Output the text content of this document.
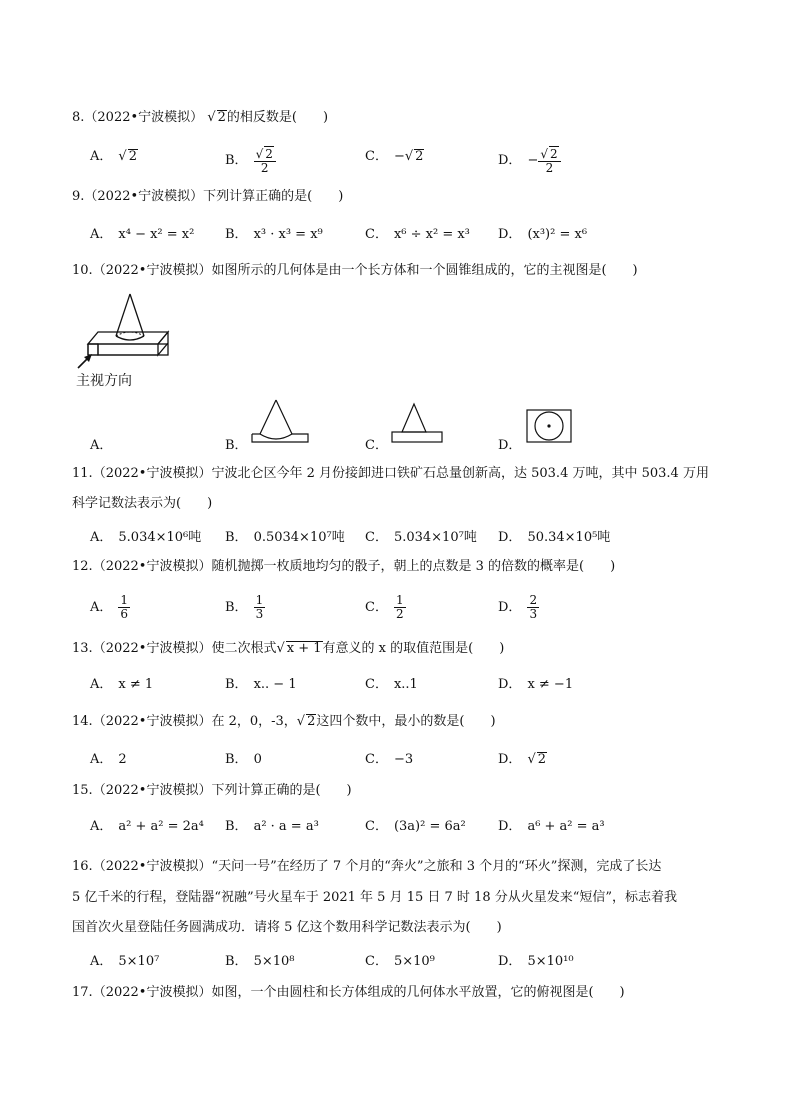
8.（2022•宁波模拟） √ 2的相反数是( )
A． √ 2	B． $\frac{√ 2}{2}$	C． −√ 2	D． − $\frac{√ 2}{2}$
9.（2022•宁波模拟）下列计算正确的是( )
A． x⁴ − x² = x² B． x³ · x³ = x⁹	C． x⁶ ÷ x² = x³ D． (x³)² = x⁶
10.（2022•宁波模拟）如图所示的几何体是由一个长方体和一个圆锥组成的，它的主视图是( )
主视方向
A．	B．	C．	D．
11.（2022•宁波模拟）宁波北仑区今年 2 月份接卸进口铁矿石总量创新高，达 503.4 万吨，其中 503.4 万用
科学记数法表示为( )
A． 5.034×10⁶吨 B． 0.5034×10⁷吨 C． 5.034×10⁷吨 D． 50.34×10⁵吨
12.（2022•宁波模拟）随机抛掷一枚质地均匀的骰子，朝上的点数是 3 的倍数的概率是( )
A． $\frac{1}{6}$	B． $\frac{1}{3}$	C． $\frac{1}{2}$	D． $\frac{2}{3}$
13.（2022•宁波模拟）使二次根式√ x + 1有意义的 x 的取值范围是( )
A． x ≠ 1	B． x.. − 1	C． x..1	D． x ≠ −1
14.（2022•宁波模拟）在 2，0，-3，√ 2这四个数中，最小的数是( )
A． 2	B． 0	C． −3	D． √ 2
15.（2022•宁波模拟）下列计算正确的是( )
A． a² + a² = 2a⁴ B． a² · a = a³	C． (3a)² = 6a² D． a⁶ + a² = a³
16.（2022•宁波模拟）“天问一号”在经历了 7 个月的“奔火”之旅和 3 个月的“环火”探测，完成了长达
5 亿千米的行程，登陆器“祝融”号火星车于 2021 年 5 月 15 日 7 时 18 分从火星发来“短信”，标志着我
国首次火星登陆任务圆满成功．请将 5 亿这个数用科学记数法表示为( )
A． 5×10⁷	B． 5×10⁸	C． 5×10⁹	D． 5×10¹⁰
17.（2022•宁波模拟）如图，一个由圆柱和长方体组成的几何体水平放置，它的俯视图是( )
